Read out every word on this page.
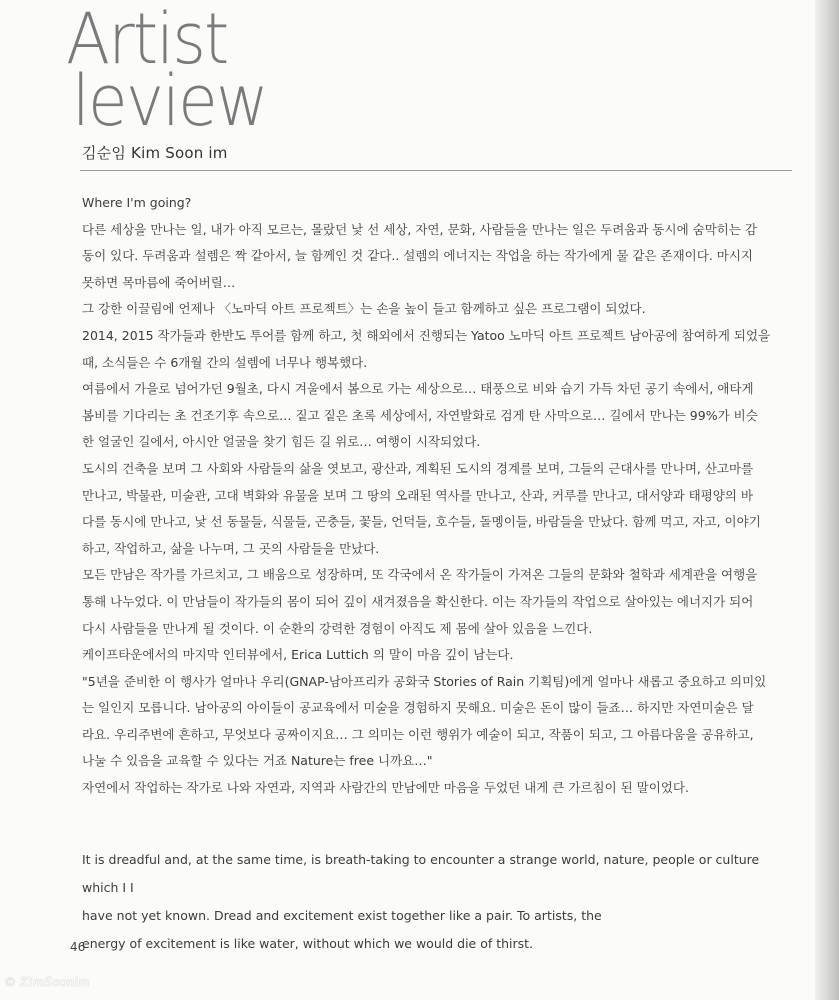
Artist
leview
김순임 Kim Soon im

Where I'm going?

다른 세상을 만나는 일, 내가 아직 모르는, 몰랐던 낯 선 세상, 자연, 문화, 사람들을 만나는 일은 두려움과 동시에 숨막히는 감

동이 있다. 두려움과 설렘은 짝 같아서, 늘 함께인 것 같다.. 설렘의 에너지는 작업을 하는 작가에게 물 같은 존재이다. 마시지

못하면 목마름에 죽어버릴…

그 강한 이끌림에 언제나 〈노마딕 아트 프로젝트〉는 손을 높이 들고 함께하고 싶은 프로그램이 되었다.

2014, 2015 작가들과 한반도 투어를 함께 하고, 첫 해외에서 진행되는 Yatoo 노마딕 아트 프로젝트 남아공에 참여하게 되었을

때, 소식들은 수 6개월 간의 설렘에 너무나 행복했다.

여름에서 가을로 넘어가던 9월초, 다시 겨울에서 봄으로 가는 세상으로… 태풍으로 비와 습기 가득 차던 공기 속에서, 애타게

봄비를 기다리는 초 건조기후 속으로… 짙고 짙은 초록 세상에서, 자연발화로 검게 탄 사막으로… 길에서 만나는 99%가 비슷

한 얼굴인 길에서, 아시안 얼굴을 찾기 힘든 길 위로… 여행이 시작되었다.

도시의 건축을 보며 그 사회와 사람들의 삶을 엿보고, 광산과, 계획된 도시의 경계를 보며, 그들의 근대사를 만나며, 산고마를

만나고, 박물관, 미술관, 고대 벽화와 유물을 보며 그 땅의 오래된 역사를 만나고, 산과, 커루를 만나고, 대서양과 태평양의 바

다를 동시에 만나고, 낯 선 동물들, 식물들, 곤충들, 꽃들, 언덕들, 호수들, 돌멩이들, 바람들을 만났다. 함께 먹고, 자고, 이야기

하고, 작업하고, 삶을 나누며, 그 곳의 사람들을 만났다.

모든 만남은 작가를 가르치고, 그 배움으로 성장하며, 또 각국에서 온 작가들이 가져온 그들의 문화와 철학과 세계관을 여행을

통해 나누었다. 이 만남들이 작가들의 몸이 되어 깊이 새겨졌음을 확신한다. 이는 작가들의 작업으로 살아있는 에너지가 되어

다시 사람들을 만나게 될 것이다. 이 순환의 강력한 경험이 아직도 제 몸에 살아 있음을 느낀다.

케이프타운에서의 마지막 인터뷰에서, Erica Luttich 의 말이 마음 깊이 남는다.

"5년을 준비한 이 행사가 얼마나 우리(GNAP-남아프리카 공화국 Stories of Rain 기획팀)에게 얼마나 새롭고 중요하고 의미있

는 일인지 모릅니다. 남아공의 아이들이 공교육에서 미술을 경험하지 못해요. 미술은 돈이 많이 들죠… 하지만 자연미술은 달

라요. 우리주변에 흔하고, 무엇보다 공짜이지요… 그 의미는 이런 행위가 예술이 되고, 작품이 되고, 그 아름다움을 공유하고,

나눌 수 있음을 교육할 수 있다는 거죠 Nature는 free 니까요…"

자연에서 작업하는 작가로 나와 자연과, 지역과 사람간의 만남에만 마음을 두었던 내게 큰 가르침이 된 말이었다.

It is dreadful and, at the same time, is breath-taking to encounter a strange world, nature, people or culture which I I

have not yet known. Dread and excitement exist together like a pair. To artists, the

energy of excitement is like water, without which we would die of thirst.

46
© KimSoonim
